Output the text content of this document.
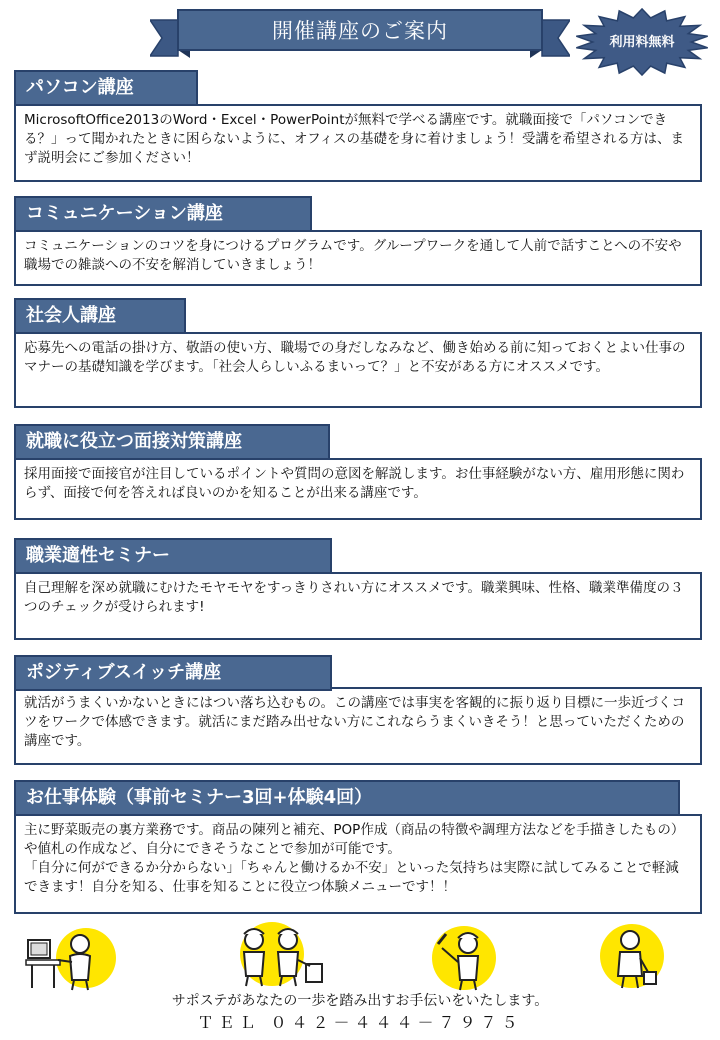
開催講座のご案内	利用料無料
パソコン講座
MicrosoftOffice2013のWord・Excel・PowerPointが無料で学べる講座です。就職面接で「パソコンできる？」って聞かれたときに困らないように、オフィスの基礎を身に着けましょう！受講を希望される方は、まず説明会にご参加ください！
コミュニケーション講座
コミュニケーションのコツを身につけるプログラムです。グループワークを通して人前で話すことへの不安や職場での雑談への不安を解消していきましょう！
社会人講座
応募先への電話の掛け方、敬語の使い方、職場での身だしなみなど、働き始める前に知っておくとよい仕事のマナーの基礎知識を学びます。「社会人らしいふるまいって？」と不安がある方にオススメです。
就職に役立つ面接対策講座
採用面接で面接官が注目しているポイントや質問の意図を解説します。お仕事経験がない方、雇用形態に関わらず、面接で何を答えれば良いのかを知ることが出来る講座です。
職業適性セミナー
自己理解を深め就職にむけたモヤモヤをすっきりされい方にオススメです。職業興味、性格、職業準備度の３つのチェックが受けられます!
ポジティブスイッチ講座
就活がうまくいかないときにはつい落ち込むもの。この講座では事実を客観的に振り返り目標に一歩近づくコツをワークで体感できます。就活にまだ踏み出せない方にこれならうまくいきそう！と思っていただくための講座です。
お仕事体験（事前セミナー3回+体験4回）
主に野菜販売の裏方業務です。商品の陳列と補充、POP作成（商品の特徴や調理方法などを手描きしたもの）や値札の作成など、自分にできそうなことで参加が可能です。
「自分に何ができるか分からない」「ちゃんと働けるか不安」といった気持ちは実際に試してみることで軽減できます！自分を知る、仕事を知ることに役立つ体験メニューです！！
サポステがあなたの一歩を踏み出すお手伝いをいたします。
ＴＥＬ ０４２－４４４－７９７５
